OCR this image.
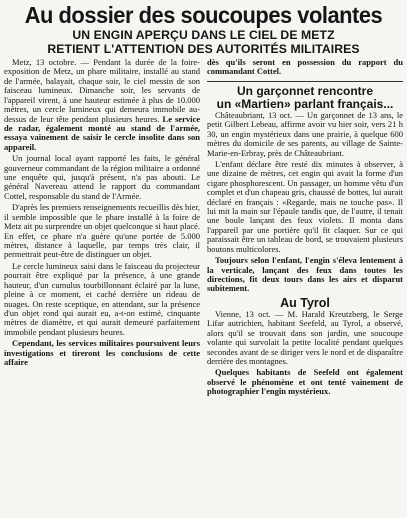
Au dossier des soucoupes volantes
UN ENGIN APERÇU DANS LE CIEL DE METZ
RETIENT L'ATTENTION DES AUTORITÉS MILITAIRES

Metz, 13 octobre. — Pendant la durée de la foire-exposition de Metz, un phare militaire, installé au stand de l'armée, balayait, chaque soir, le ciel messin de son faisceau lumineux. Dimanche soir, les servants de l'appareil virent, à une hauteur estimée à plus de 10.000 mètres, un cercle lumineux qui demeura immobile au-dessus de leur tête pendant plusieurs heures. Le service de radar, également monté au stand de l'armée, essaya vainement de saisir le cercle insolite dans son appareil.

Un journal local ayant rapporté les faits, le général gouverneur commandant de la région militaire a ordonné une enquête qui, jusqu'à présent, n'a pas abouti. Le général Navereau attend le rapport du commandant Cottel, responsable du stand de l'Armée.

D'après les premiers renseignements recueillis dès hier, il semble impossible que le phare installé à la foire de Metz ait pu surprendre un objet quelconque si haut placé. En effet, ce phare n'a guère qu'une portée de 5.000 mètres, distance à laquelle, par temps très clair, il permettrait peut-être de distinguer un objet.

Le cercle lumineux saisi dans le faisceau du projecteur pourrait être expliqué par la présence, à une grande hauteur, d'un cumulus tourbillonnant éclairé par la lune, pleine à ce moment, et caché derrière un rideau de nuages. On reste sceptique, en attendant, sur la présence d'un objet rond qui aurait eu, a-t-on estimé, cinquante mètres de diamètre, et qui aurait demeuré parfaitement immobile pendant plusieurs heures.

Cependant, les services militaires poursuivent leurs investigations et tireront les conclusions de cette affaire

dès qu'ils seront en possession du rapport du commandant Cottel.

Un garçonnet rencontre
un «Martien» parlant français...

Châteaubriant, 13 oct. — Un garçonnet de 13 ans, le petit Gilbert Lebeau, affirme avoir vu hier soir, vers 21 h 30, un engin mystérieux dans une prairie, à quelque 600 mètres du domicile de ses parents, au village de Sainte-Marie-en-Erbray, près de Châteaubriant.

L'enfant déclare être resté dix minutes à observer, à une dizaine de mètres, cet engin qui avait la forme d'un cigare phosphorescent. Un passager, un homme vêtu d'un complet et d'un chapeau gris, chaussé de bottes, lui aurait déclaré en français : «Regarde, mais ne touche pas». Il lui mit la main sur l'épaule tandis que, de l'autre, il tenait une boule lançant des feux violets. Il monta dans l'appareil par une portière qu'il fit claquer. Sur ce qui paraissait être un tableau de bord, se trouvaient plusieurs boutons multicolores.

Toujours selon l'enfant, l'engin s'éleva lentement à la verticale, lançant des feux dans toutes les directions, fit deux tours dans les airs et disparut subitement.

Au Tyrol

Vienne, 13 oct. — M. Harald Kreutzberg, le Serge Lifar autrichien, habitant Seefeld, au Tyrol, a observé, alors qu'il se trouvait dans son jardin, une soucoupe volante qui survolait la petite localité pendant quelques secondes avant de se diriger vers le nord et de disparaître derrière des montagnes.

Quelques habitants de Seefeld ont également observé le phénomène et ont tenté vainement de photographier l'engin mystérieux.
